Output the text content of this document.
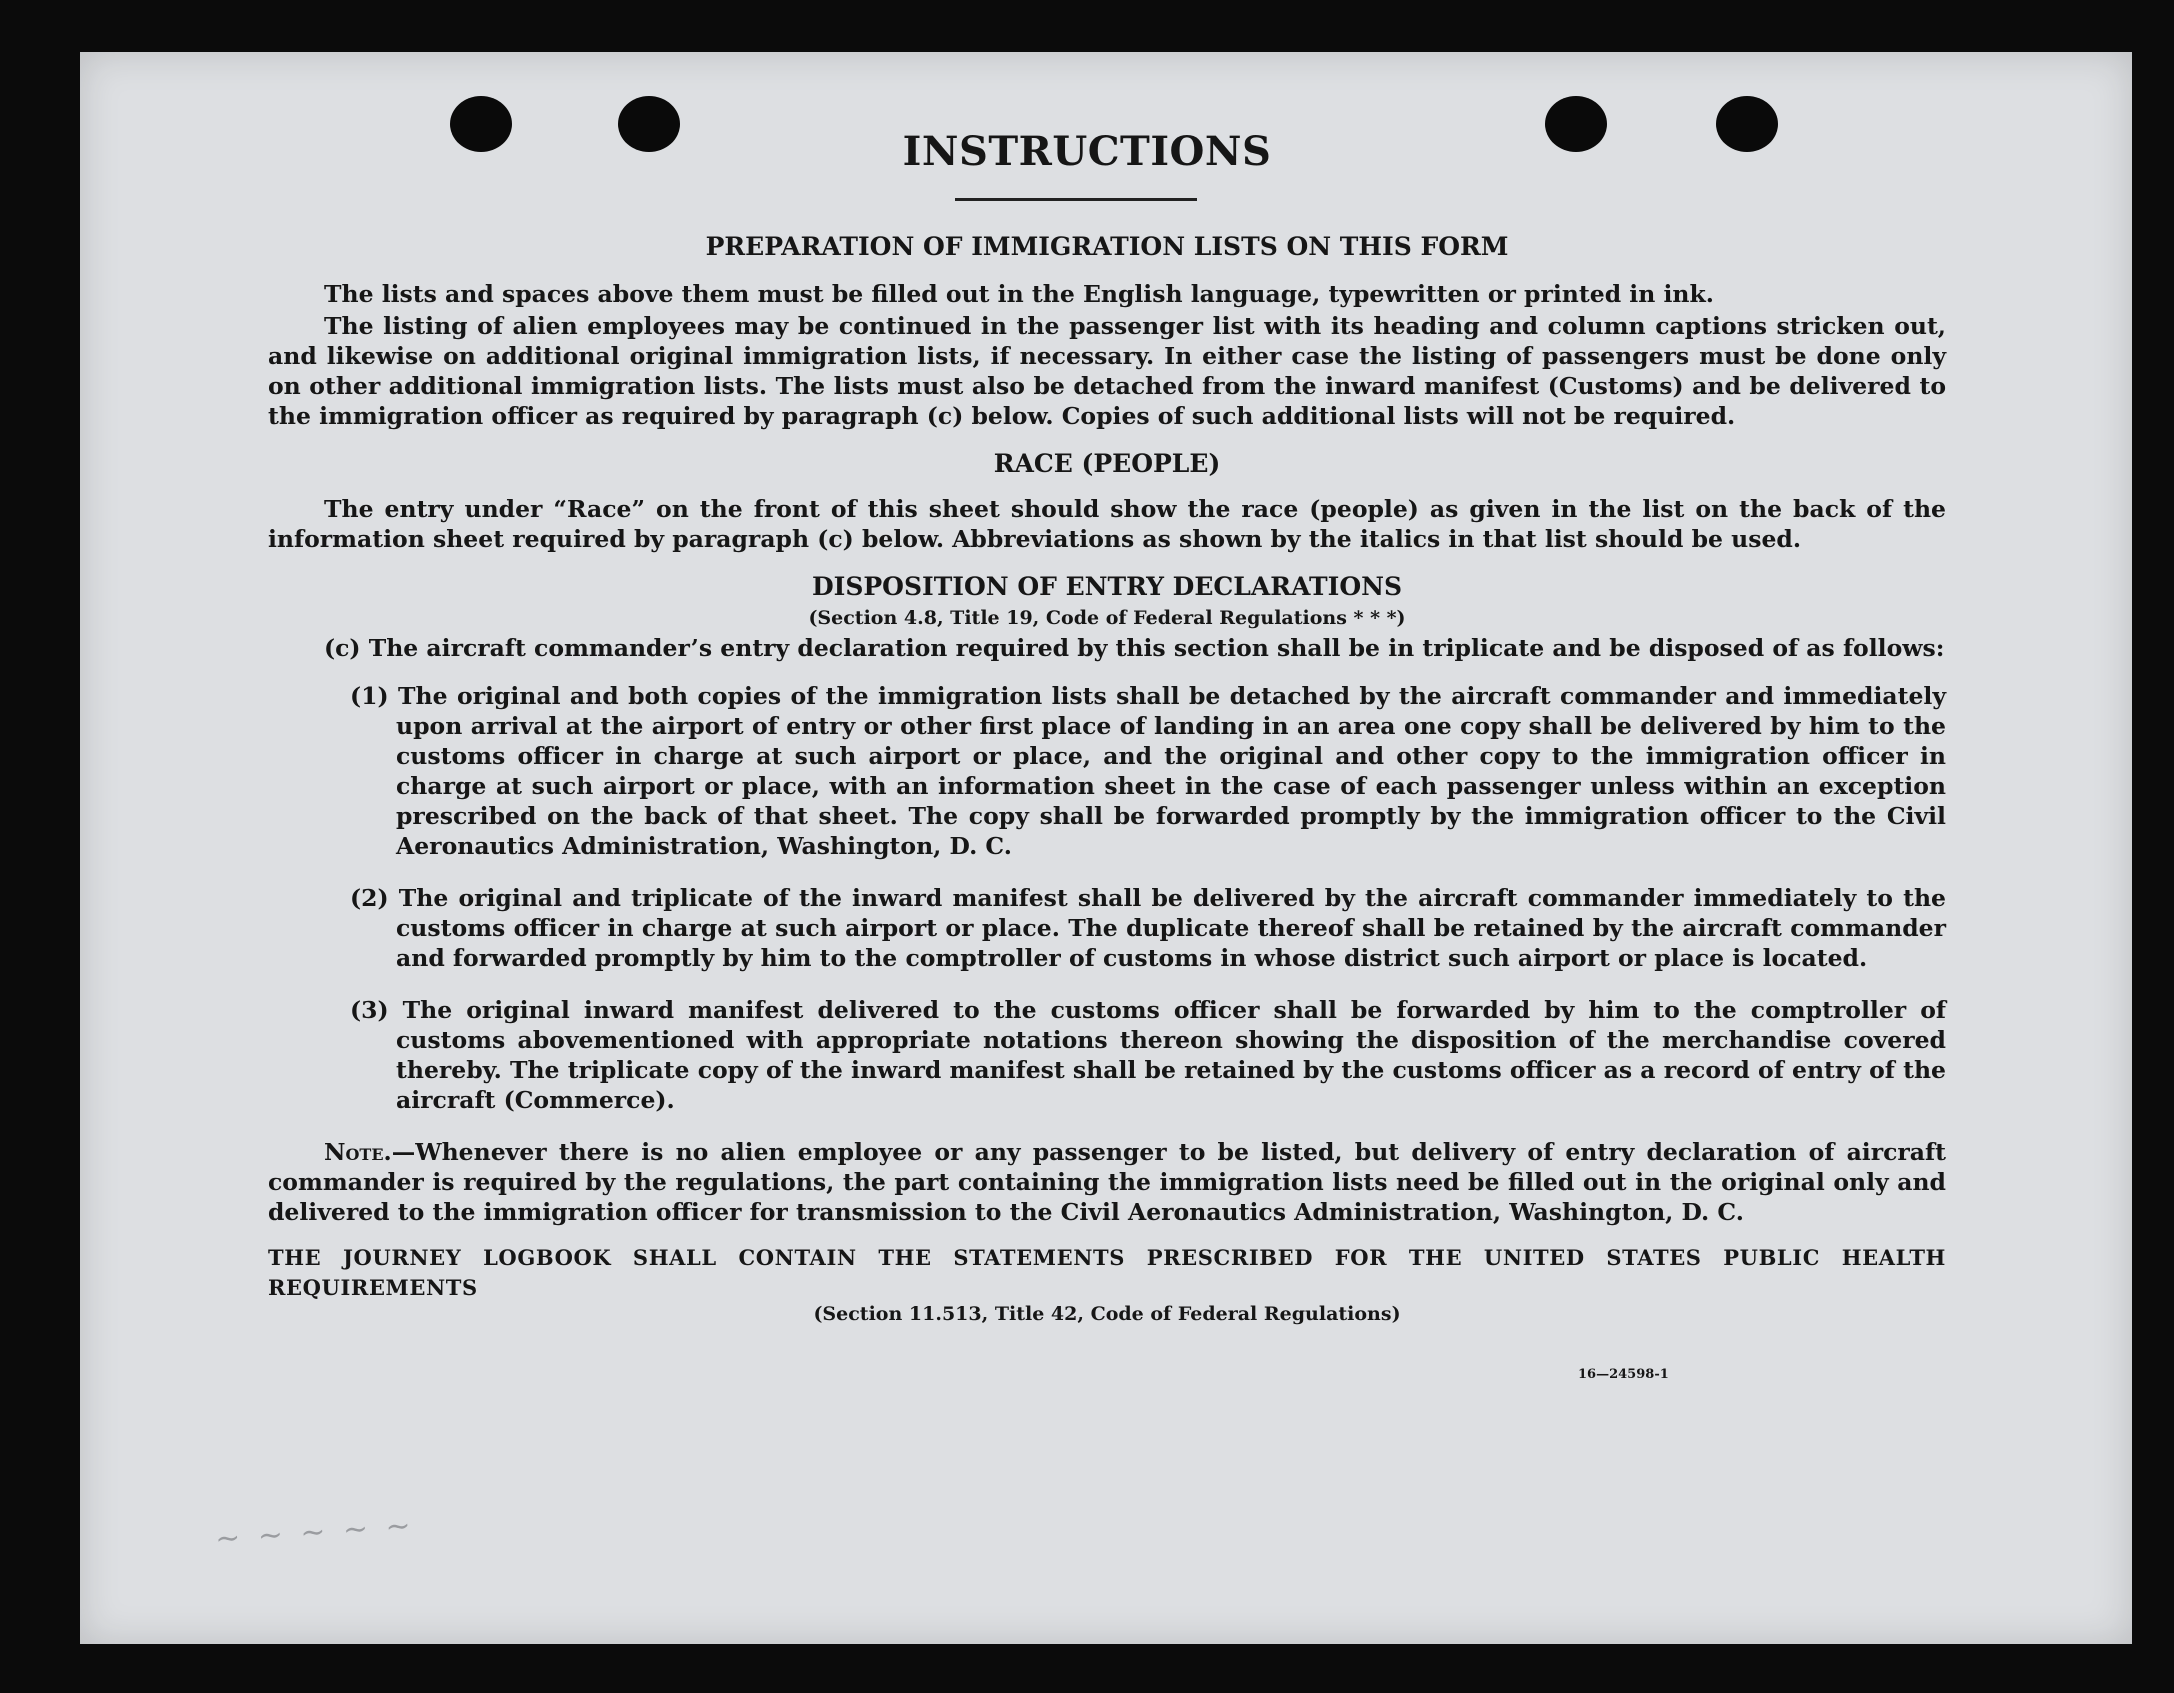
INSTRUCTIONS
PREPARATION OF IMMIGRATION LISTS ON THIS FORM

The lists and spaces above them must be filled out in the English language, typewritten or printed in ink.

The listing of alien employees may be continued in the passenger list with its heading and column captions stricken out, and likewise on additional original immigration lists, if necessary. In either case the listing of passengers must be done only on other additional immigration lists. The lists must also be detached from the inward manifest (Customs) and be delivered to the immigration officer as required by paragraph (c) below. Copies of such additional lists will not be required.

RACE (PEOPLE)

The entry under “Race” on the front of this sheet should show the race (people) as given in the list on the back of the information sheet required by paragraph (c) below. Abbreviations as shown by the italics in that list should be used.

DISPOSITION OF ENTRY DECLARATIONS
(Section 4.8, Title 19, Code of Federal Regulations * * *)

(c) The aircraft commander’s entry declaration required by this section shall be in triplicate and be disposed of as follows:

(1) The original and both copies of the immigration lists shall be detached by the aircraft commander and immediately upon arrival at the airport of entry or other first place of landing in an area one copy shall be delivered by him to the customs officer in charge at such airport or place, and the original and other copy to the immigration officer in charge at such airport or place, with an information sheet in the case of each passenger unless within an exception prescribed on the back of that sheet. The copy shall be forwarded promptly by the immigration officer to the Civil Aeronautics Administration, Washington, D. C.

(2) The original and triplicate of the inward manifest shall be delivered by the aircraft commander immediately to the customs officer in charge at such airport or place. The duplicate thereof shall be retained by the aircraft commander and forwarded promptly by him to the comptroller of customs in whose district such airport or place is located.

(3) The original inward manifest delivered to the customs officer shall be forwarded by him to the comptroller of customs abovementioned with appropriate notations thereon showing the disposition of the merchandise covered thereby. The triplicate copy of the inward manifest shall be retained by the customs officer as a record of entry of the aircraft (Commerce).

Note.—Whenever there is no alien employee or any passenger to be listed, but delivery of entry declaration of aircraft commander is required by the regulations, the part containing the immigration lists need be filled out in the original only and delivered to the immigration officer for transmission to the Civil Aeronautics Administration, Washington, D. C.

THE JOURNEY LOGBOOK SHALL CONTAIN THE STATEMENTS PRESCRIBED FOR THE UNITED STATES PUBLIC HEALTH REQUIREMENTS
(Section 11.513, Title 42, Code of Federal Regulations)
16—24598-1
~ ~ ~ ~ ~
